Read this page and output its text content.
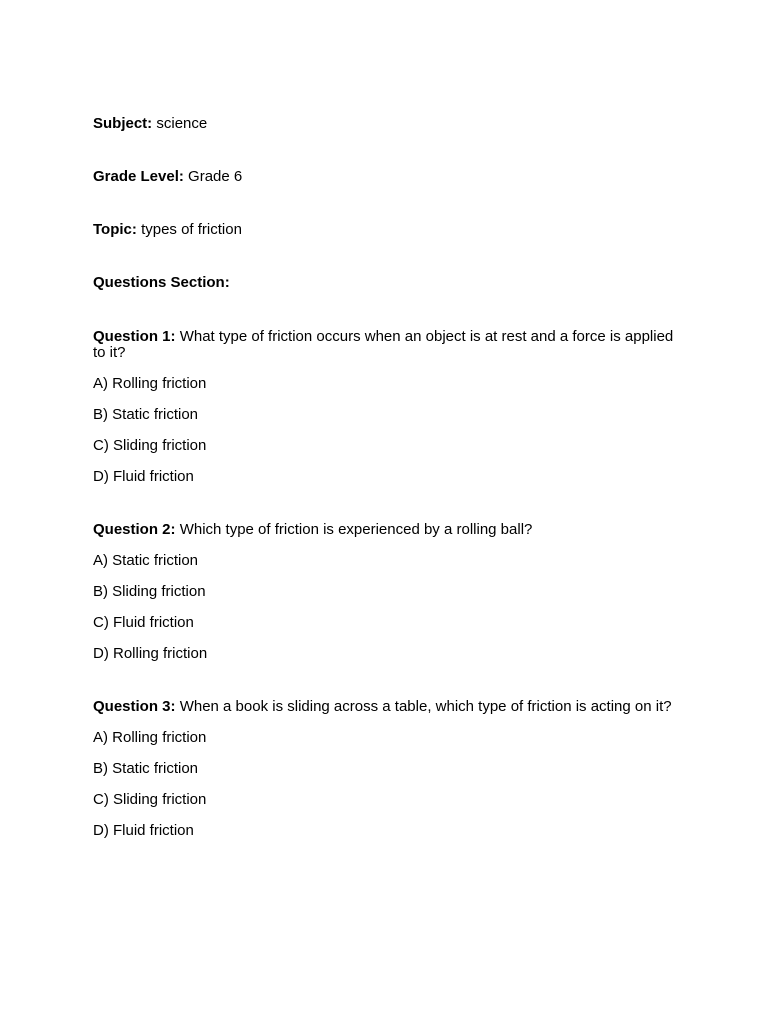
Subject: science

Grade Level: Grade 6

Topic: types of friction

Questions Section:

Question 1: What type of friction occurs when an object is at rest and a force is applied to it?

A) Rolling friction

B) Static friction

C) Sliding friction

D) Fluid friction

Question 2: Which type of friction is experienced by a rolling ball?

A) Static friction

B) Sliding friction

C) Fluid friction

D) Rolling friction

Question 3: When a book is sliding across a table, which type of friction is acting on it?

A) Rolling friction

B) Static friction

C) Sliding friction

D) Fluid friction
